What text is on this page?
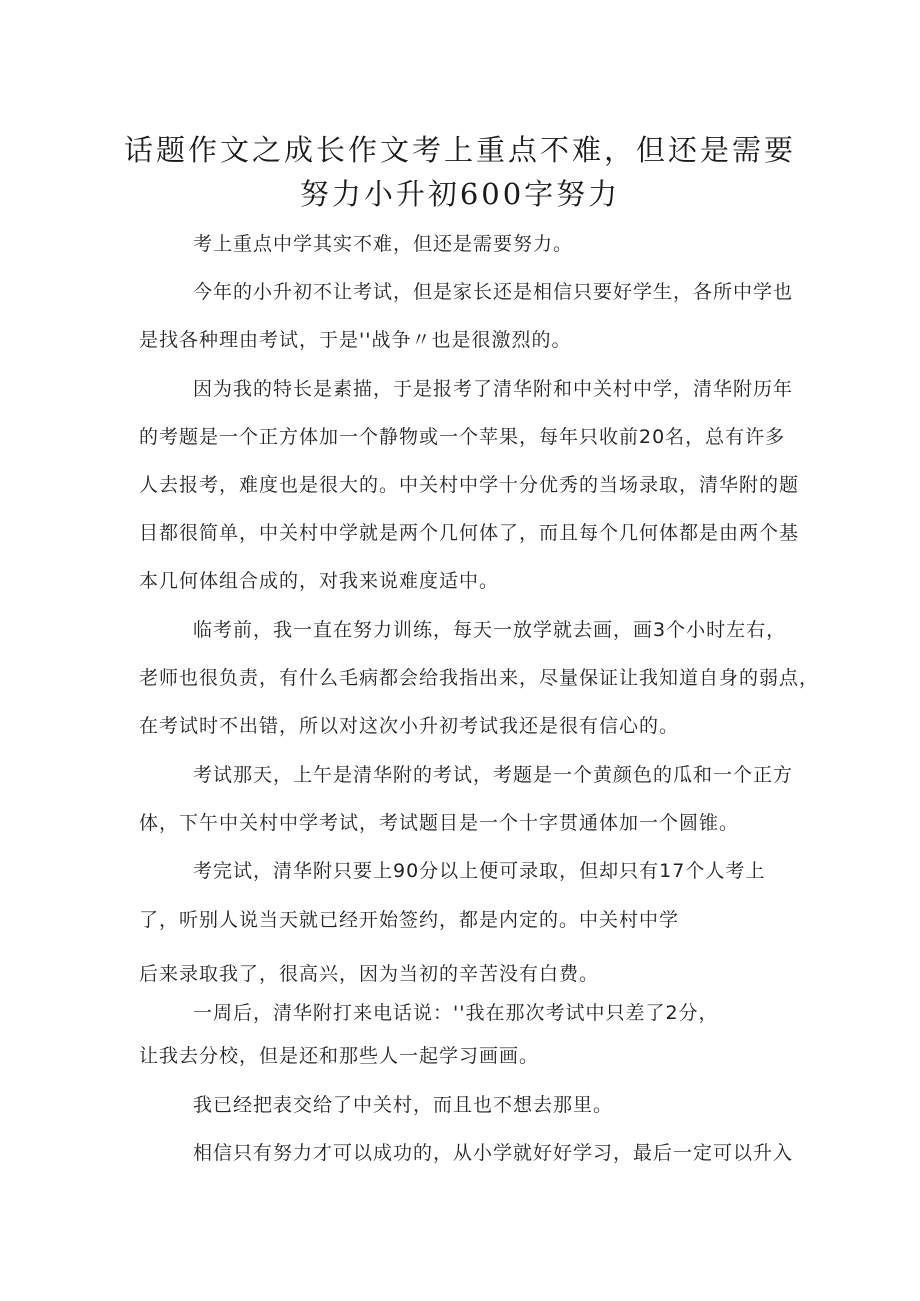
话题作文之成长作文考上重点不难，但还是需要
努力小升初600字努力
考上重点中学其实不难，但还是需要努力。
今年的小升初不让考试，但是家长还是相信只要好学生，各所中学也
是找各种理由考试，于是''战争〃也是很激烈的。
因为我的特长是素描，于是报考了清华附和中关村中学，清华附历年
的考题是一个正方体加一个静物或一个苹果，每年只收前20名，总有许多
人去报考，难度也是很大的。中关村中学十分优秀的当场录取，清华附的题
目都很简单，中关村中学就是两个几何体了，而且每个几何体都是由两个基
本几何体组合成的，对我来说难度适中。
临考前，我一直在努力训练，每天一放学就去画，画3个小时左右，
老师也很负责，有什么毛病都会给我指出来，尽量保证让我知道自身的弱点，
在考试时不出错，所以对这次小升初考试我还是很有信心的。
考试那天，上午是清华附的考试，考题是一个黄颜色的瓜和一个正方
体，下午中关村中学考试，考试题目是一个十字贯通体加一个圆锥。
考完试，清华附只要上90分以上便可录取，但却只有17个人考上
了，听别人说当天就已经开始签约，都是内定的。中关村中学
后来录取我了，很高兴，因为当初的辛苦没有白费。
一周后，清华附打来电话说：''我在那次考试中只差了2分，
让我去分校，但是还和那些人一起学习画画。
我已经把表交给了中关村，而且也不想去那里。
相信只有努力才可以成功的，从小学就好好学习，最后一定可以升入
